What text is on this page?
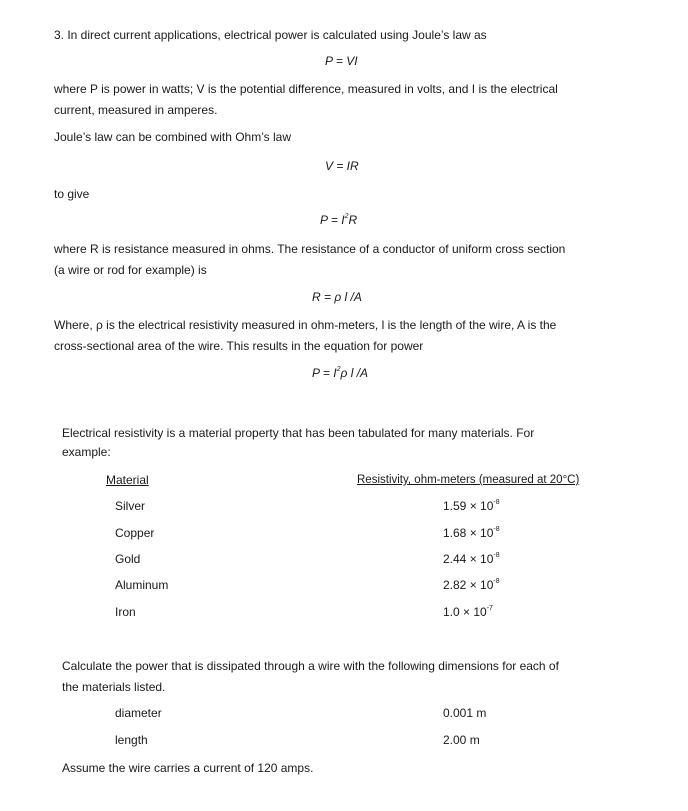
3. In direct current applications, electrical power is calculated using Joule’s law as
P = VI
where P is power in watts; V is the potential difference, measured in volts, and I is the electrical
current, measured in amperes.
Joule’s law can be combined with Ohm’s law
V = IR
to give
$P = I^2R$
where R is resistance measured in ohms. The resistance of a conductor of uniform cross section
(a wire or rod for example) is
R = ρ l /A
Where, ρ is the electrical resistivity measured in ohm-meters, l is the length of the wire, A is the
cross-sectional area of the wire. This results in the equation for power
$P = I^2\rho$ l /A
Electrical resistivity is a material property that has been tabulated for many materials. For
example:
Material	Resistivity, ohm-meters (measured at 20°C)
Silver	$1.59 \times 10^{-8}$
Copper	$1.68 \times 10^{-8}$
Gold	$2.44 \times 10^{-8}$
Aluminum	$2.82 \times 10^{-8}$
Iron	$1.0 \times 10^{-7}$
Calculate the power that is dissipated through a wire with the following dimensions for each of
the materials listed.
diameter	0.001 m
length	2.00 m
Assume the wire carries a current of 120 amps.
